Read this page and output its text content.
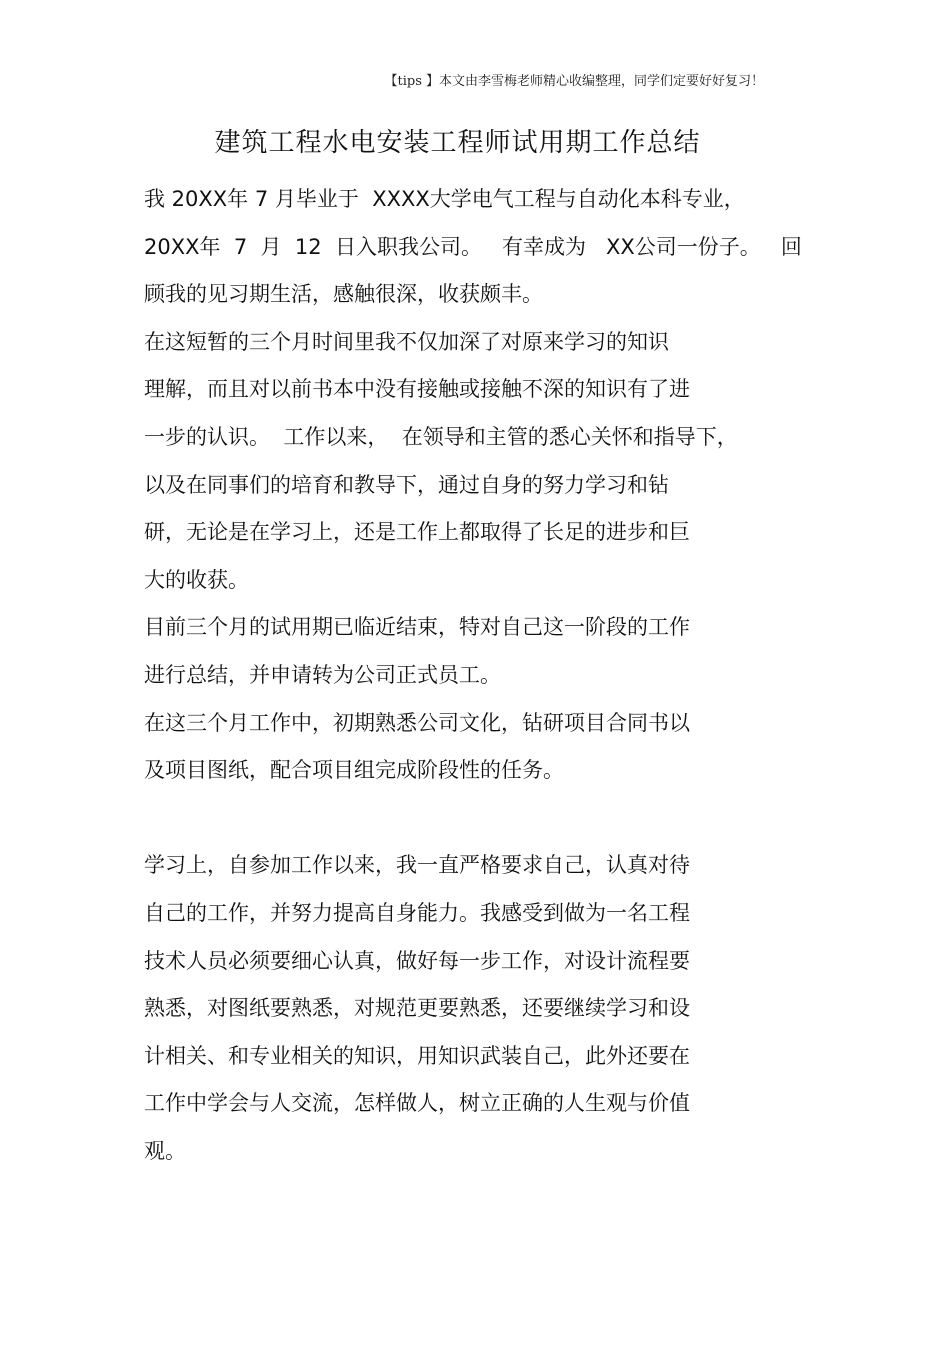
【tips 】本文由李雪梅老师精心收编整理，同学们定要好好复习！
建筑工程水电安装工程师试用期工作总结
我 20XX年 7 月毕业于  XXXX大学电气工程与自动化本科专业，
20XX年  7  月  12  日入职我公司。   有幸成为   XX公司一份子。   回
顾我的见习期生活，感触很深，收获颇丰。
在这短暂的三个月时间里我不仅加深了对原来学习的知识
理解，而且对以前书本中没有接触或接触不深的知识有了进
一步的认识。  工作以来，  在领导和主管的悉心关怀和指导下，
以及在同事们的培育和教导下，通过自身的努力学习和钻
研，无论是在学习上，还是工作上都取得了长足的进步和巨
大的收获。
目前三个月的试用期已临近结束，特对自己这一阶段的工作
进行总结，并申请转为公司正式员工。
在这三个月工作中，初期熟悉公司文化，钻研项目合同书以
及项目图纸，配合项目组完成阶段性的任务。
学习上，自参加工作以来，我一直严格要求自己，认真对待
自己的工作，并努力提高自身能力。我感受到做为一名工程
技术人员必须要细心认真，做好每一步工作，对设计流程要
熟悉，对图纸要熟悉，对规范更要熟悉，还要继续学习和设
计相关、和专业相关的知识，用知识武装自己，此外还要在
工作中学会与人交流，怎样做人，树立正确的人生观与价值
观。
